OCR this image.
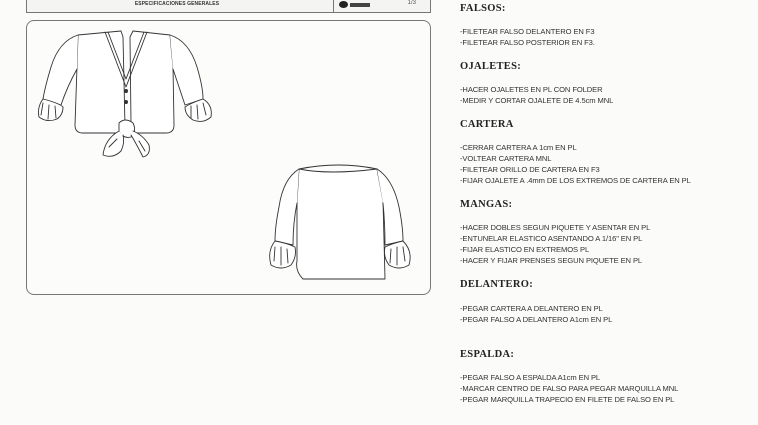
ESPECIFICACIONES GENERALES	1/3	FALSOS:
-FILETEAR FALSO DELANTERO EN F3
-FILETEAR FALSO POSTERIOR EN F3.
OJALETES:
-HACER OJALETES EN PL CON FOLDER
-MEDIR Y CORTAR OJALETE DE 4.5cm MNL
CARTERA
-CERRAR CARTERA A 1cm EN PL
-VOLTEAR CARTERA MNL
-FILETEAR ORILLO DE CARTERA EN F3
-FIJAR OJALETE A .4mm DE LOS EXTREMOS DE CARTERA EN PL
MANGAS:
-HACER DOBLES SEGUN PIQUETE Y ASENTAR EN PL
-ENTUNELAR ELASTICO ASENTANDO A 1/16" EN PL
-FIJAR ELASTICO EN EXTREMOS PL
-HACER Y FIJAR PRENSES SEGUN PIQUETE EN PL
DELANTERO:
-PEGAR CARTERA A DELANTERO EN PL
-PEGAR FALSO A DELANTERO A1cm EN PL
ESPALDA:
-PEGAR FALSO A ESPALDA A1cm EN PL
-MARCAR CENTRO DE FALSO PARA PEGAR MARQUILLA MNL
-PEGAR MARQUILLA TRAPECIO EN FILETE DE FALSO EN PL
